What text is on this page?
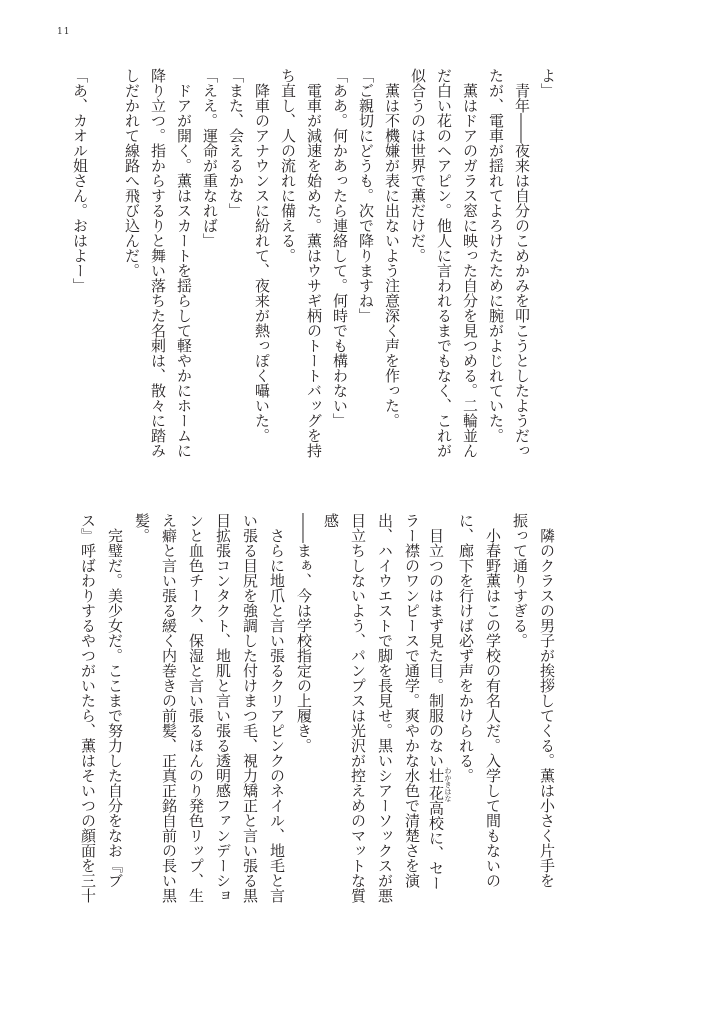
11
よ」
　青年――夜来は自分のこめかみを叩こうとしたようだっ
たが、電車が揺れてよろけたために腕がよじれていた。
　薫はドアのガラス窓に映った自分を見つめる。二輪並ん
だ白い花のヘアピン。他人に言われるまでもなく、これが
似合うのは世界で薫だけだ。
　薫は不機嫌が表に出ないよう注意深く声を作った。
「ご親切にどうも。次で降りますね」
「ああ。何かあったら連絡して。何時でも構わない」
　電車が減速を始めた。薫はウサギ柄のトートバッグを持
ち直し、人の流れに備える。
　降車のアナウンスに紛れて、夜来が熱っぽく囁いた。
「また、会えるかな」
「ええ。運命が重なれば」
　ドアが開く。薫はスカートを揺らして軽やかにホームに
降り立つ。指からするりと舞い落ちた名刺は、散々に踏み
しだかれて線路へ飛び込んだ。
「あ、カオル姐さん。おはよー」
　隣のクラスの男子が挨拶してくる。薫は小さく片手を
振って通りすぎる。
　小春野薫はこの学校の有名人だ。入学して間もないの
に、廊下を行けば必ず声をかけられる。
　目立つのはまず見た目。制服のない壮花 わかきはな高校に、セー
ラー襟のワンピースで通学。爽やかな水色で清楚さを演
出、ハイウエストで脚を長見せ。黒いシアーソックスが悪
目立ちしないよう、パンプスは光沢が控えめのマットな質
感
――まぁ、今は学校指定の上履き。
　さらに地爪と言い張るクリアピンクのネイル、地毛と言
い張る目尻を強調した付けまつ毛、視力矯正と言い張る黒
目拡張コンタクト、地肌と言い張る透明感ファンデーショ
ンと血色チーク、保湿と言い張るほんのり発色リップ、生
え癖と言い張る緩く内巻きの前髪、正真正銘自前の長い黒
髪。
　完璧だ。美少女だ。ここまで努力した自分をなお『ブ
ス』呼ばわりするやつがいたら、薫はそいつの顔面を三十
